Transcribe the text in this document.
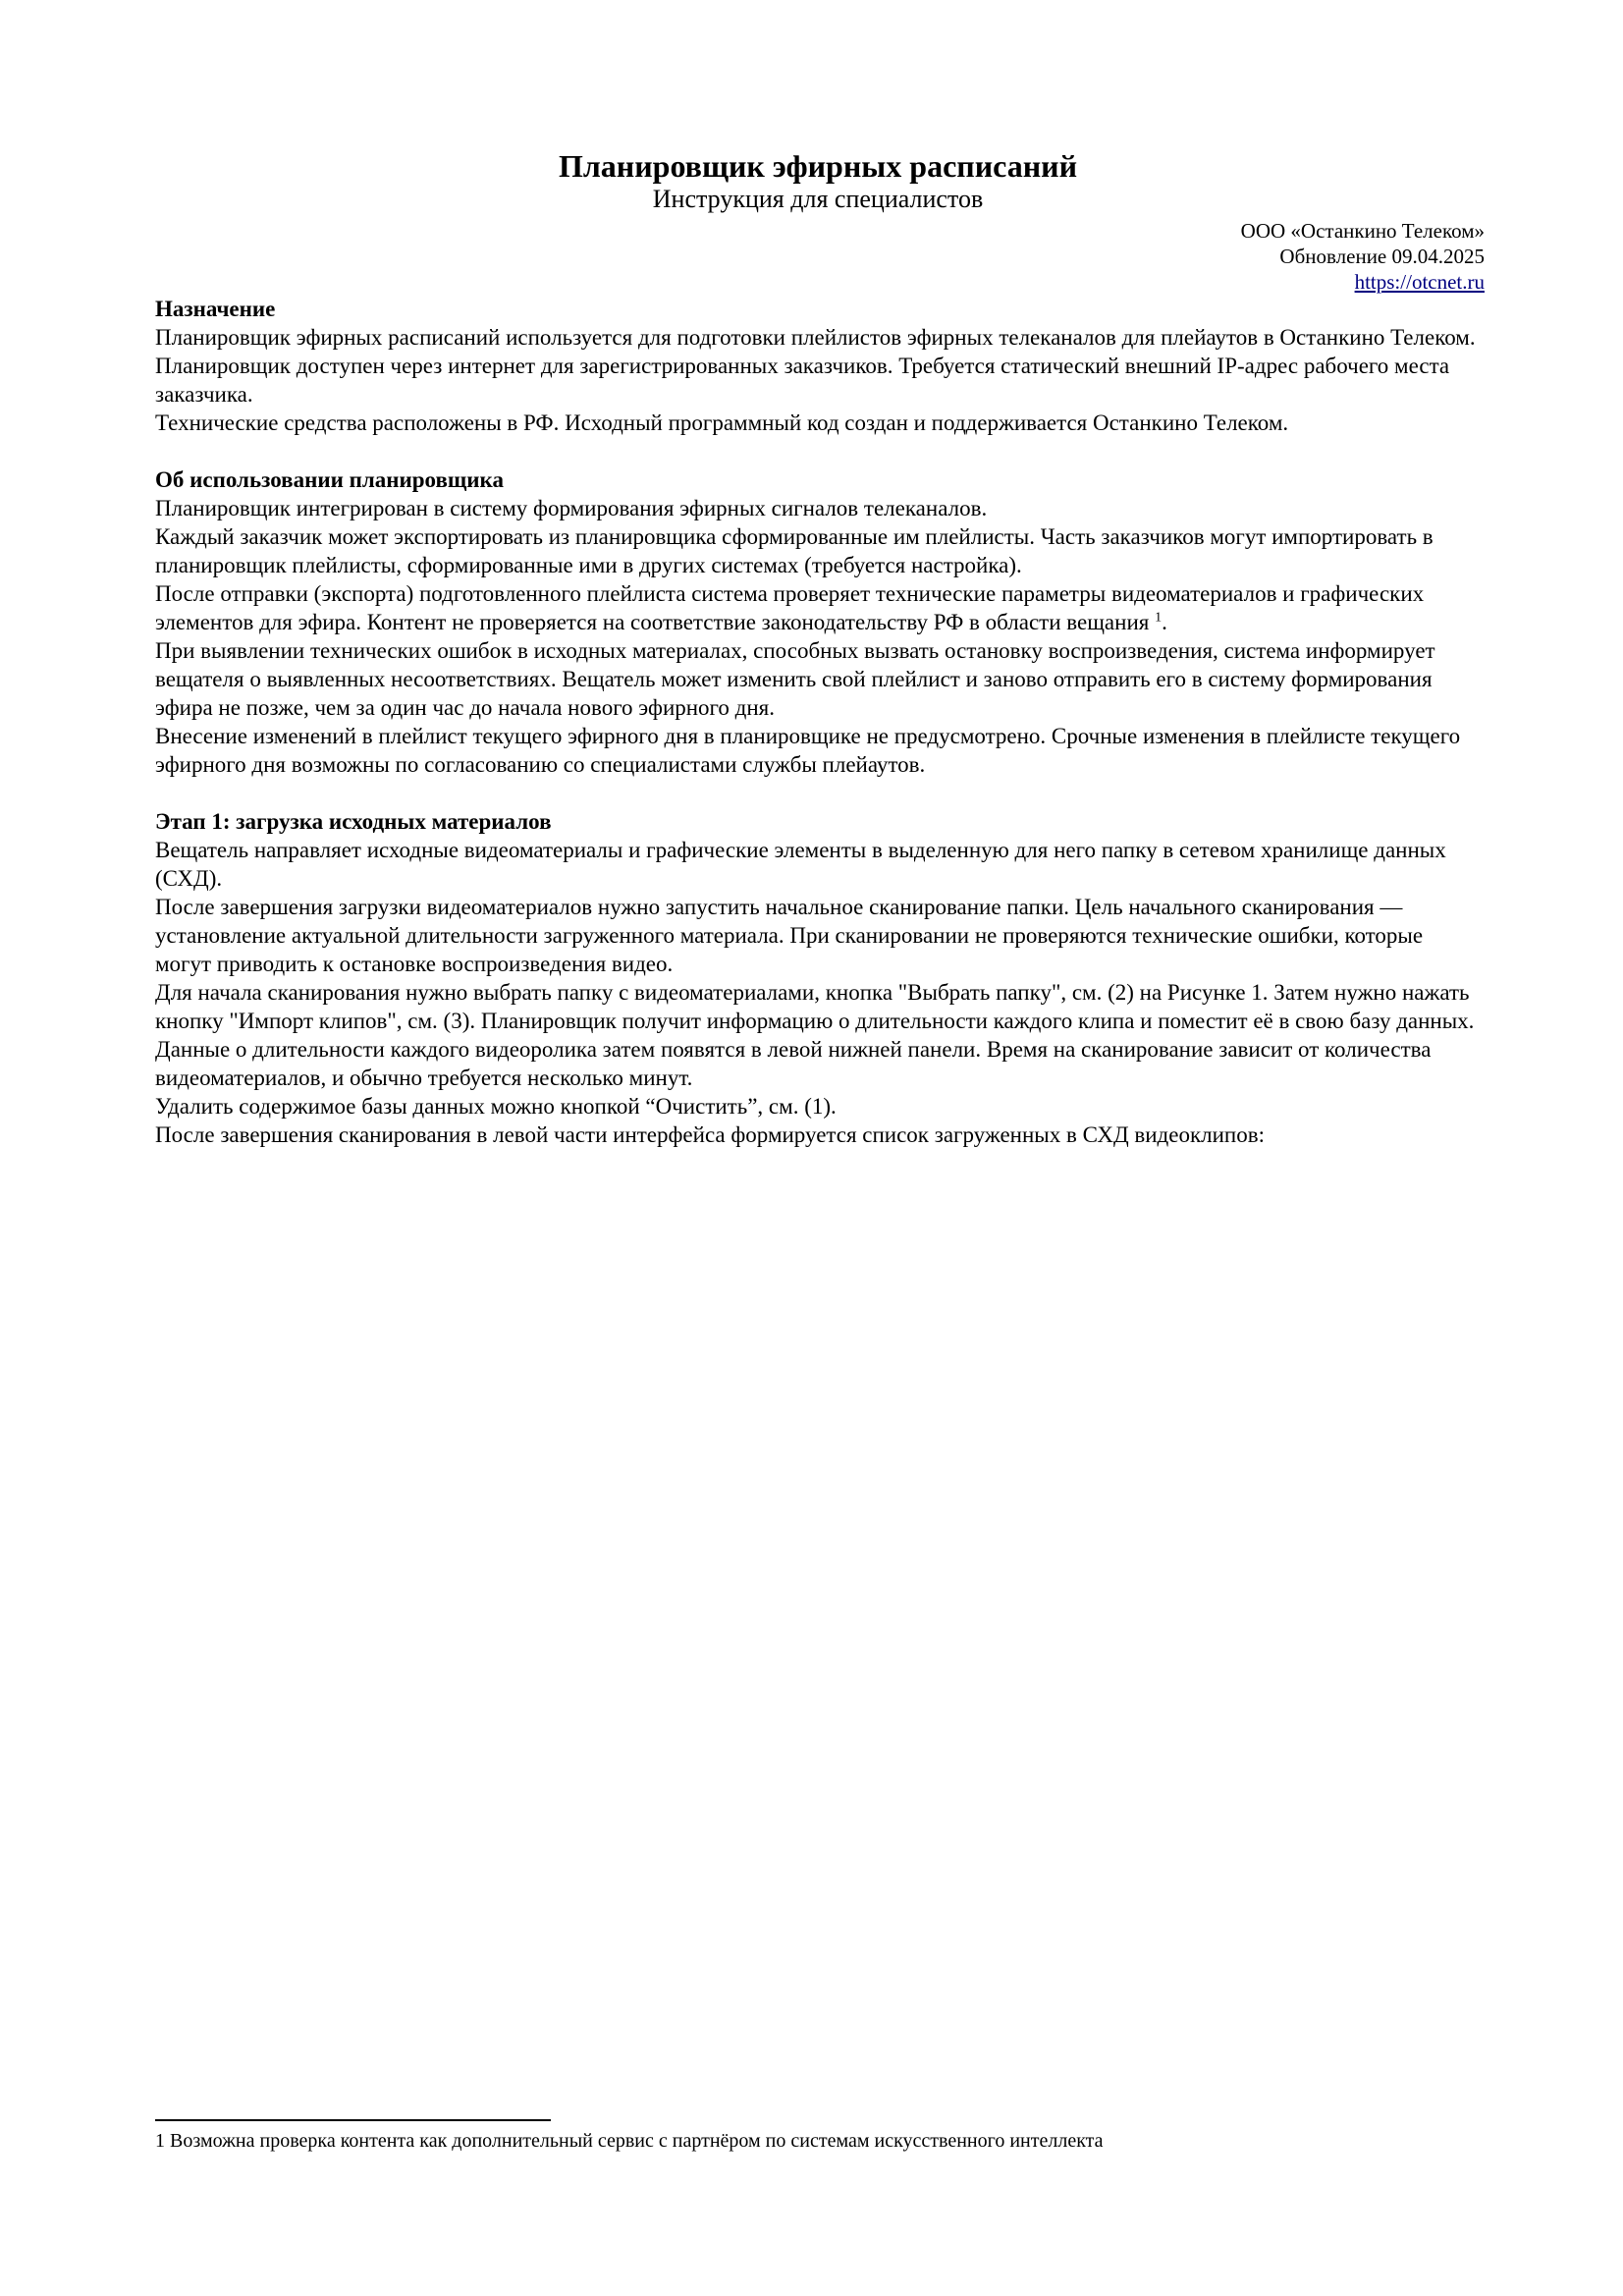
Планировщик эфирных расписаний
Инструкция для специалистов
ООО «Останкино Телеком»
Обновление 09.04.2025
https://otcnet.ru

Назначение

Планировщик эфирных расписаний используется для подготовки плейлистов эфирных телеканалов для плейаутов в Останкино Телеком.

Планировщик доступен через интернет для зарегистрированных заказчиков. Требуется статический внешний IP-адрес рабочего места заказчика.

Технические средства расположены в РФ. Исходный программный код создан и поддерживается Останкино Телеком.

Об использовании планировщика

Планировщик интегрирован в систему формирования эфирных сигналов телеканалов.

Каждый заказчик может экспортировать из планировщика сформированные им плейлисты. Часть заказчиков могут импортировать в планировщик плейлисты, сформированные ими в других системах (требуется настройка).

После отправки (экспорта) подготовленного плейлиста система проверяет технические параметры видеоматериалов и графических элементов для эфира. Контент не проверяется на соответствие законодательству РФ в области вещания $^1$.

При выявлении технических ошибок в исходных материалах, способных вызвать остановку воспроизведения, система информирует вещателя о выявленных несоответствиях. Вещатель может изменить свой плейлист и заново отправить его в систему формирования эфира не позже, чем за один час до начала нового эфирного дня.

Внесение изменений в плейлист текущего эфирного дня в планировщике не предусмотрено. Срочные изменения в плейлисте текущего эфирного дня возможны по согласованию со специалистами службы плейаутов.

Этап 1: загрузка исходных материалов

Вещатель направляет исходные видеоматериалы и графические элементы в выделенную для него папку в сетевом хранилище данных (СХД).

После завершения загрузки видеоматериалов нужно запустить начальное сканирование папки. Цель начального сканирования — установление актуальной длительности загруженного материала. При сканировании не проверяются технические ошибки, которые могут приводить к остановке воспроизведения видео.

Для начала сканирования нужно выбрать папку с видеоматериалами, кнопка "Выбрать папку", см. (2) на Рисунке 1. Затем нужно нажать кнопку "Импорт клипов", см. (3). Планировщик получит информацию о длительности каждого клипа и поместит её в свою базу данных. Данные о длительности каждого видеоролика затем появятся в левой нижней панели. Время на сканирование зависит от количества видеоматериалов, и обычно требуется несколько минут.

Удалить содержимое базы данных можно кнопкой “Очистить”, см. (1).

После завершения сканирования в левой части интерфейса формируется список загруженных в СХД видеоклипов:

1 Возможна проверка контента как дополнительный сервис с партнёром по системам искусственного интеллекта
